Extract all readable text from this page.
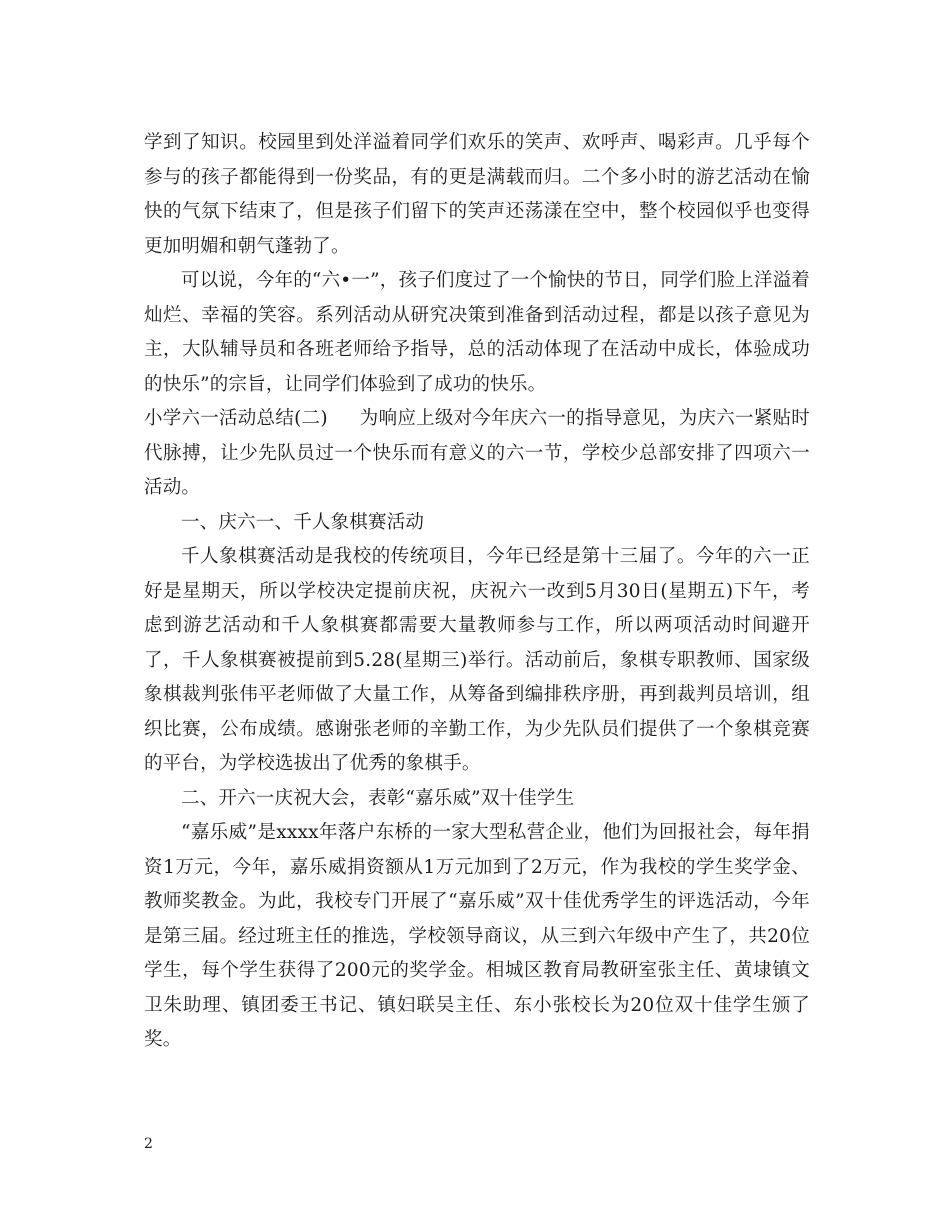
学到了知识。校园里到处洋溢着同学们欢乐的笑声、欢呼声、喝彩声。几乎每个参与的孩子都能得到一份奖品，有的更是满载而归。二个多小时的游艺活动在愉快的气氛下结束了，但是孩子们留下的笑声还荡漾在空中，整个校园似乎也变得更加明媚和朝气蓬勃了。

可以说，今年的“六•一”，孩子们度过了一个愉快的节日，同学们脸上洋溢着灿烂、幸福的笑容。系列活动从研究决策到准备到活动过程，都是以孩子意见为主，大队辅导员和各班老师给予指导，总的活动体现了在活动中成长，体验成功的快乐”的宗旨，让同学们体验到了成功的快乐。

小学六一活动总结(二) 为响应上级对今年庆六一的指导意见，为庆六一紧贴时代脉搏，让少先队员过一个快乐而有意义的六一节，学校少总部安排了四项六一活动。

一、庆六一、千人象棋赛活动

千人象棋赛活动是我校的传统项目，今年已经是第十三届了。今年的六一正好是星期天，所以学校决定提前庆祝，庆祝六一改到5月30日(星期五)下午，考虑到游艺活动和千人象棋赛都需要大量教师参与工作，所以两项活动时间避开了，千人象棋赛被提前到5.28(星期三)举行。活动前后，象棋专职教师、国家级象棋裁判张伟平老师做了大量工作，从筹备到编排秩序册，再到裁判员培训，组织比赛，公布成绩。感谢张老师的辛勤工作，为少先队员们提供了一个象棋竞赛的平台，为学校选拔出了优秀的象棋手。

二、开六一庆祝大会，表彰“嘉乐威”双十佳学生

“嘉乐威”是xxxx年落户东桥的一家大型私营企业，他们为回报社会，每年捐资1万元，今年，嘉乐威捐资额从1万元加到了2万元，作为我校的学生奖学金、教师奖教金。为此，我校专门开展了“嘉乐威”双十佳优秀学生的评选活动，今年是第三届。经过班主任的推选，学校领导商议，从三到六年级中产生了，共20位学生，每个学生获得了200元的奖学金。相城区教育局教研室张主任、黄埭镇文卫朱助理、镇团委王书记、镇妇联吴主任、东小张校长为20位双十佳学生颁了奖。

2
